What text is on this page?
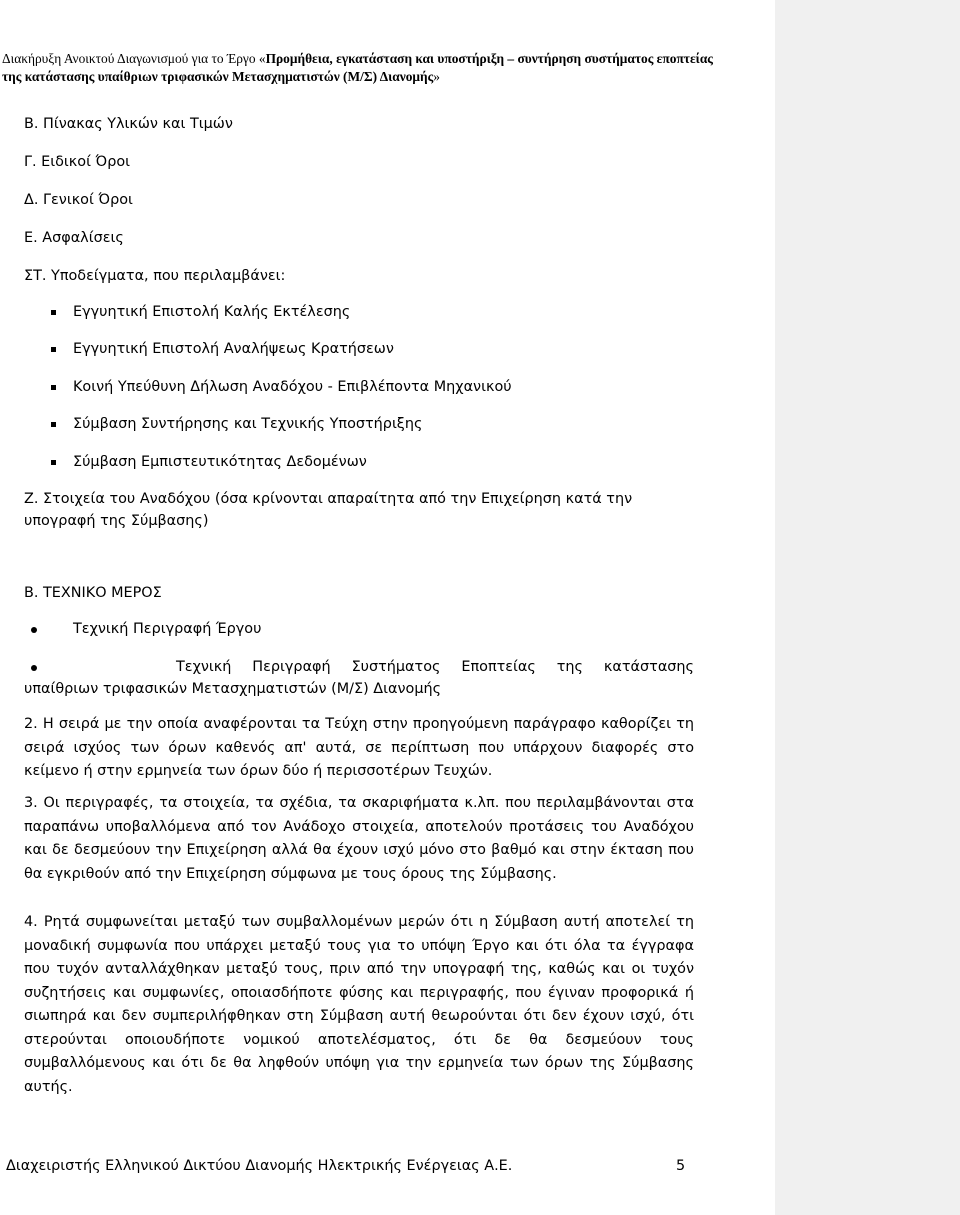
Διακήρυξη Ανοικτού Διαγωνισμού για το Έργο «Προμήθεια, εγκατάσταση και υποστήριξη – συντήρηση συστήματος εποπτείας
της κατάστασης υπαίθριων τριφασικών Μετασχηματιστών (Μ/Σ) Διανομής»
Β. Πίνακας Υλικών και Τιμών
Γ. Ειδικοί Όροι
Δ. Γενικοί Όροι
Ε. Ασφαλίσεις
ΣΤ. Υποδείγματα, που περιλαμβάνει:
Εγγυητική Επιστολή Καλής Εκτέλεσης
Εγγυητική Επιστολή Αναλήψεως Κρατήσεων
Κοινή Υπεύθυνη Δήλωση Αναδόχου - Επιβλέποντα Μηχανικού
Σύμβαση Συντήρησης και Τεχνικής Υποστήριξης
Σύμβαση Εμπιστευτικότητας Δεδομένων
Ζ. Στοιχεία του Αναδόχου (όσα κρίνονται απαραίτητα από την Επιχείρηση κατά την
υπογραφή της Σύμβασης)
Β. ΤΕΧΝΙΚΟ ΜΕΡΟΣ
Τεχνική Περιγραφή Έργου
Τεχνική Περιγραφή Συστήματος Εποπτείας της κατάστασης
υπαίθριων τριφασικών Μετασχηματιστών (Μ/Σ) Διανομής
2. Η σειρά με την οποία αναφέρονται τα Τεύχη στην προηγούμενη παράγραφο καθορίζει τη σειρά ισχύος των όρων καθενός απ' αυτά, σε περίπτωση που υπάρχουν διαφορές στο κείμενο ή στην ερμηνεία των όρων δύο ή περισσοτέρων Τευχών.
3. Οι περιγραφές, τα στοιχεία, τα σχέδια, τα σκαριφήματα κ.λπ. που περιλαμβάνονται στα παραπάνω υποβαλλόμενα από τον Ανάδοχο στοιχεία, αποτελούν προτάσεις του Αναδόχου και δε δεσμεύουν την Επιχείρηση αλλά θα έχουν ισχύ μόνο στο βαθμό και στην έκταση που θα εγκριθούν από την Επιχείρηση σύμφωνα με τους όρους της Σύμβασης.
4. Ρητά συμφωνείται μεταξύ των συμβαλλομένων μερών ότι η Σύμβαση αυτή αποτελεί τη μοναδική συμφωνία που υπάρχει μεταξύ τους για το υπόψη Έργο και ότι όλα τα έγγραφα που τυχόν ανταλλάχθηκαν μεταξύ τους, πριν από την υπογραφή της, καθώς και οι τυχόν συζητήσεις και συμφωνίες, οποιασδήποτε φύσης και περιγραφής, που έγιναν προφορικά ή σιωπηρά και δεν συμπεριλήφθηκαν στη Σύμβαση αυτή θεωρούνται ότι δεν έχουν ισχύ, ότι στερούνται οποιουδήποτε νομικού αποτελέσματος, ότι δε θα δεσμεύουν τους συμβαλλόμενους και ότι δε θα ληφθούν υπόψη για την ερμηνεία των όρων της Σύμβασης αυτής.
Διαχειριστής Ελληνικού Δικτύου Διανομής Ηλεκτρικής Ενέργειας Α.Ε.	5
